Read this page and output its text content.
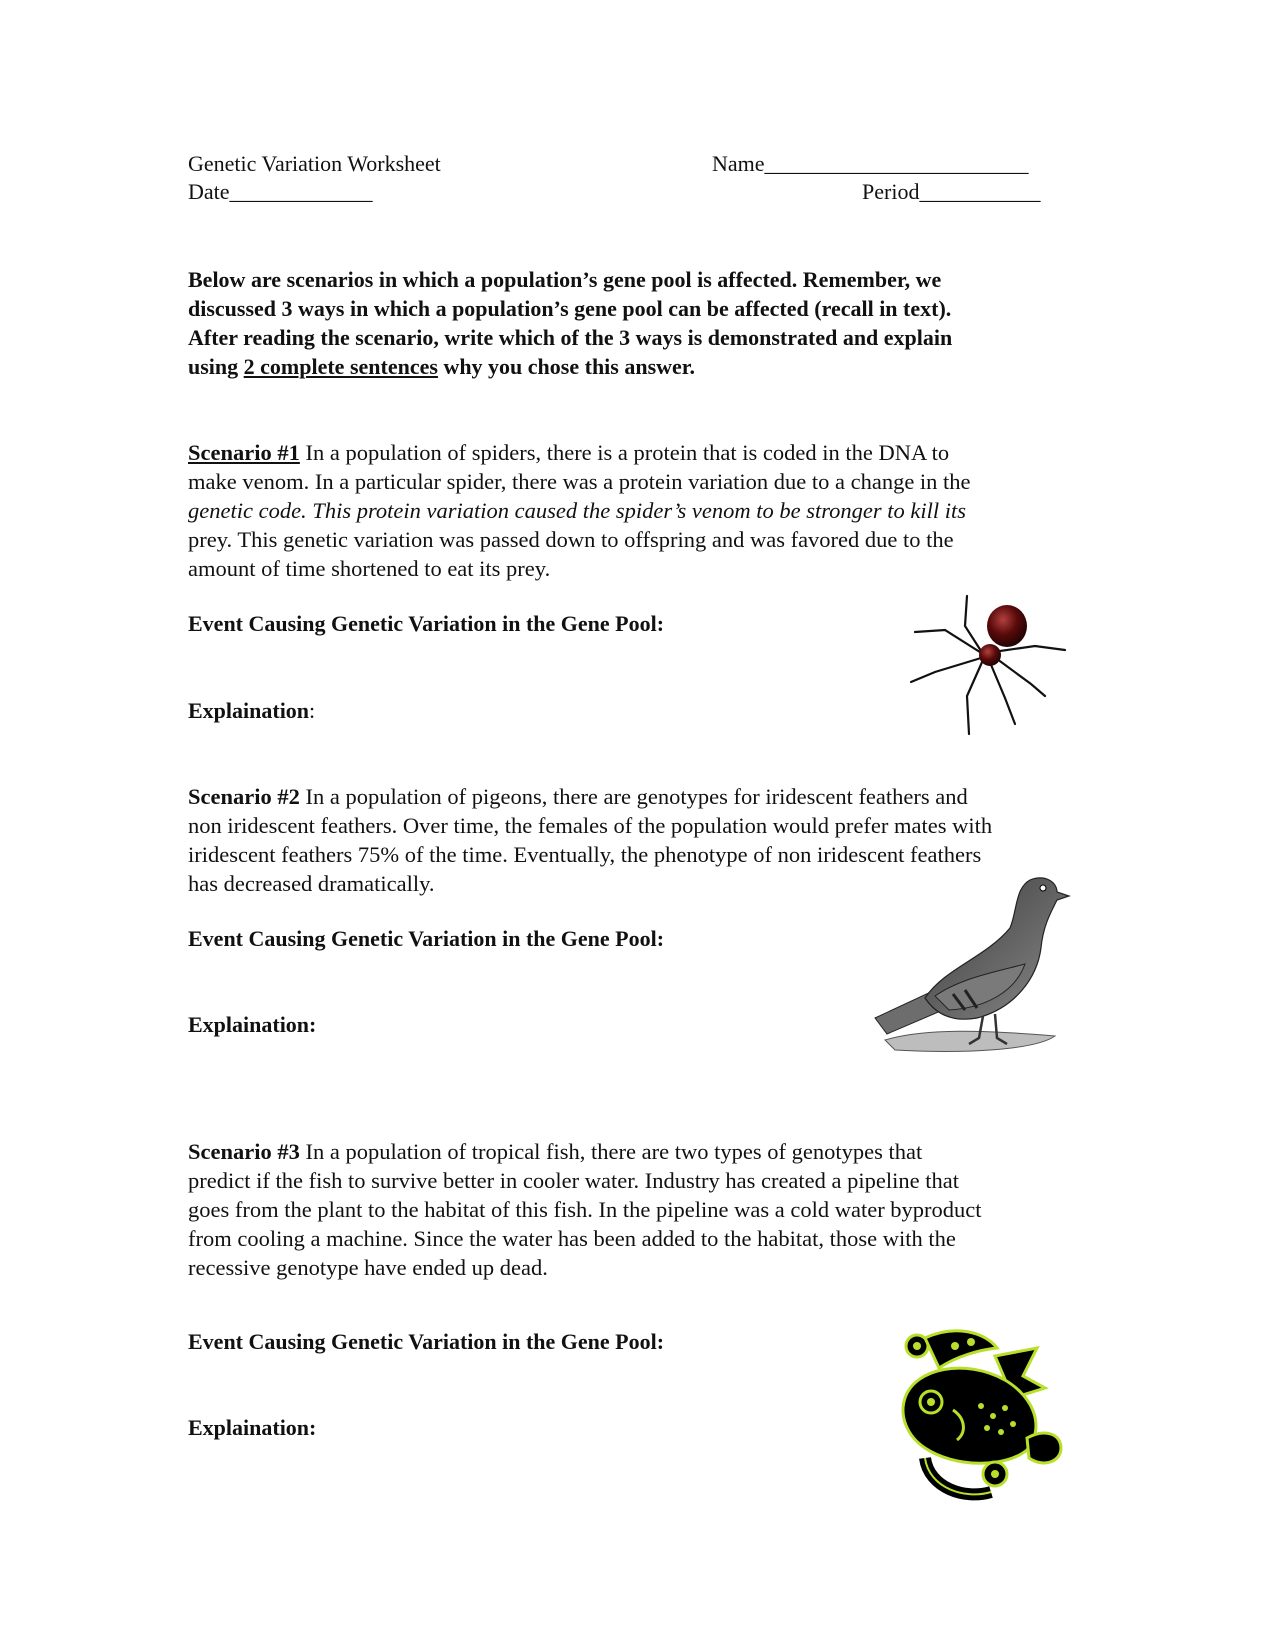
Genetic Variation Worksheet	Name________________________
Date_____________	Period___________
Below are scenarios in which a population’s gene pool is affected. Remember, we
discussed 3 ways in which a population’s gene pool can be affected (recall in text).
After reading the scenario, write which of the 3 ways is demonstrated and explain
using 2 complete sentences why you chose this answer.
Scenario #1 In a population of spiders, there is a protein that is coded in the DNA to
make venom. In a particular spider, there was a protein variation due to a change in the
genetic code. This protein variation caused the spider’s venom to be stronger to kill its
prey. This genetic variation was passed down to offspring and was favored due to the
amount of time shortened to eat its prey.
Event Causing Genetic Variation in the Gene Pool:
Explaination:
Scenario #2 In a population of pigeons, there are genotypes for iridescent feathers and
non iridescent feathers. Over time, the females of the population would prefer mates with
iridescent feathers 75% of the time. Eventually, the phenotype of non iridescent feathers
has decreased dramatically.
Event Causing Genetic Variation in the Gene Pool:
Explaination:
Scenario #3 In a population of tropical fish, there are two types of genotypes that
predict if the fish to survive better in cooler water. Industry has created a pipeline that
goes from the plant to the habitat of this fish. In the pipeline was a cold water byproduct
from cooling a machine. Since the water has been added to the habitat, those with the
recessive genotype have ended up dead.
Event Causing Genetic Variation in the Gene Pool:
Explaination:
